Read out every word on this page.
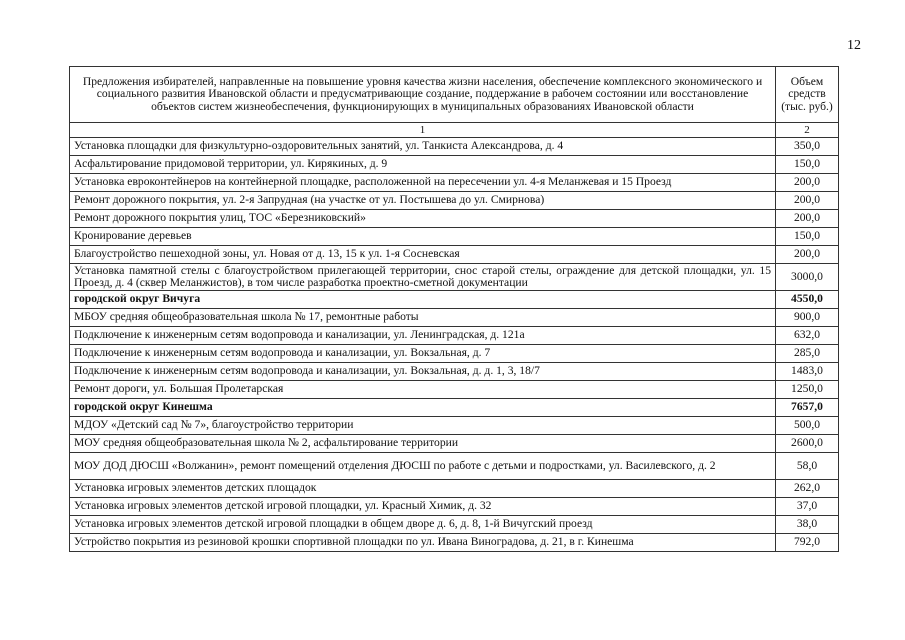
12
Предложения избирателей, направленные на повышение уровня качества жизни населения, обеспечение комплексного экономического и социального развития Ивановской области и предусматривающие создание, поддержание в рабочем состоянии или восстановление объектов систем жизнеобеспечения, функционирующих в муниципальных образованиях Ивановской области	Объем средств (тыс. руб.)
1	2
Установка площадки для физкультурно-оздоровительных занятий, ул. Танкиста Александрова, д. 4	350,0
Асфальтирование придомовой территории, ул. Кирякиных, д. 9	150,0
Установка евроконтейнеров на контейнерной площадке, расположенной на пересечении ул. 4-я Меланжевая и 15 Проезд	200,0
Ремонт дорожного покрытия, ул. 2-я Запрудная (на участке от ул. Постышева до ул. Смирнова)	200,0
Ремонт дорожного покрытия улиц, ТОС «Березниковский»	200,0
Кронирование деревьев	150,0
Благоустройство пешеходной зоны, ул. Новая от д. 13, 15 к ул. 1-я Сосневская	200,0
Установка памятной стелы с благоустройством прилегающей территории, снос старой стелы, ограждение для детской площадки, ул. 15 Проезд, д. 4 (сквер Меланжистов), в том числе разработка проектно-сметной документации	3000,0
городской округ Вичуга	4550,0
МБОУ средняя общеобразовательная школа № 17, ремонтные работы	900,0
Подключение к инженерным сетям водопровода и канализации, ул. Ленинградская, д. 121а	632,0
Подключение к инженерным сетям водопровода и канализации, ул. Вокзальная, д. 7	285,0
Подключение к инженерным сетям водопровода и канализации, ул. Вокзальная, д. д. 1, 3, 18/7	1483,0
Ремонт дороги, ул. Большая Пролетарская	1250,0
городской округ Кинешма	7657,0
МДОУ «Детский сад № 7», благоустройство территории	500,0
МОУ средняя общеобразовательная школа № 2, асфальтирование территории	2600,0
МОУ ДОД ДЮСШ «Волжанин», ремонт помещений отделения ДЮСШ по работе с детьми и подростками, ул. Василевского, д. 2	58,0
Установка игровых элементов детских площадок	262,0
Установка игровых элементов детской игровой площадки, ул. Красный Химик, д. 32	37,0
Установка игровых элементов детской игровой площадки в общем дворе д. 6, д. 8, 1-й Вичугский проезд	38,0
Устройство покрытия из резиновой крошки спортивной площадки по ул. Ивана Виноградова, д. 21, в г. Кинешма	792,0
